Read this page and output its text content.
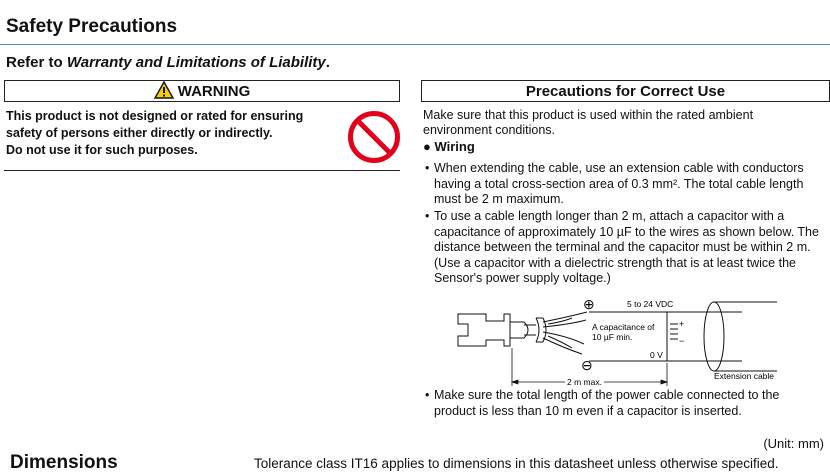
Safety Precautions
Refer to Warranty and Limitations of Liability.
WARNING
This product is not designed or rated for ensuring
safety of persons either directly or indirectly.
Do not use it for such purposes.
Precautions for Correct Use
Make sure that this product is used within the rated ambient environment conditions.
● Wiring
• When extending the cable, use an extension cable with conductors having a total cross-section area of 0.3 mm². The total cable length must be 2 m maximum.
• To use a cable length longer than 2 m, attach a capacitor with a capacitance of approximately 10 µF to the wires as shown below. The distance between the terminal and the capacitor must be within 2 m. (Use a capacitor with a dielectric strength that is at least twice the Sensor's power supply voltage.)
⊕
⊖
5 to 24 VDC
A capacitance of
10 µF min.
+
−
0 V
Extension cable
2 m max.
• Make sure the total length of the power cable connected to the product is less than 10 m even if a capacitor is inserted.
(Unit: mm)
Dimensions	Tolerance class IT16 applies to dimensions in this datasheet unless otherwise specified.
